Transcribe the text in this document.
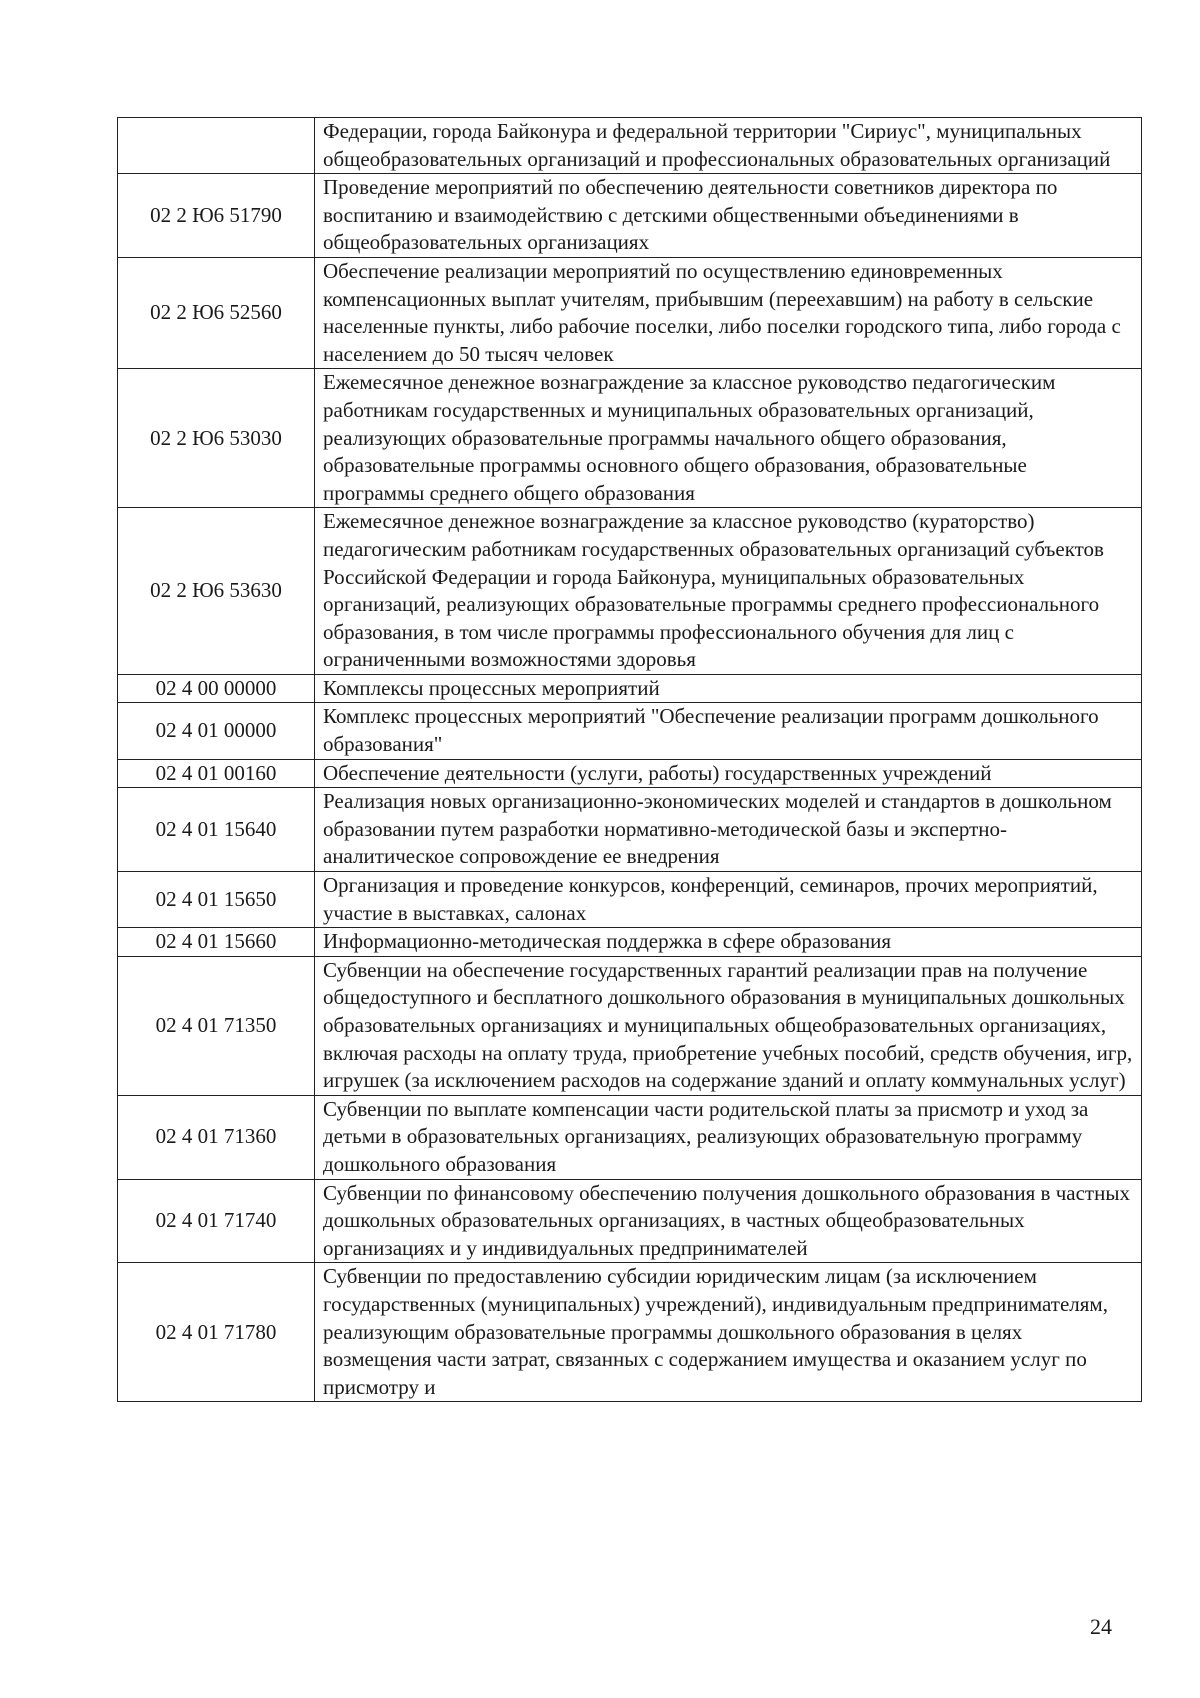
	Федерации, города Байконура и федеральной территории "Сириус", муниципальных общеобразовательных организаций и профессиональных образовательных организаций
02 2 Ю6 51790	Проведение мероприятий по обеспечению деятельности советников директора по воспитанию и взаимодействию с детскими общественными объединениями в общеобразовательных организациях
02 2 Ю6 52560	Обеспечение реализации мероприятий по осуществлению единовременных компенсационных выплат учителям, прибывшим (переехавшим) на работу в сельские населенные пункты, либо рабочие поселки, либо поселки городского типа, либо города с населением до 50 тысяч человек
02 2 Ю6 53030	Ежемесячное денежное вознаграждение за классное руководство педагогическим работникам государственных и муниципальных образовательных организаций, реализующих образовательные программы начального общего образования, образовательные программы основного общего образования, образовательные программы среднего общего образования
02 2 Ю6 53630	Ежемесячное денежное вознаграждение за классное руководство (кураторство) педагогическим работникам государственных образовательных организаций субъектов Российской Федерации и города Байконура, муниципальных образовательных организаций, реализующих образовательные программы среднего профессионального образования, в том числе программы профессионального обучения для лиц с ограниченными возможностями здоровья
02 4 00 00000	Комплексы процессных мероприятий
02 4 01 00000	Комплекс процессных мероприятий "Обеспечение реализации программ дошкольного образования"
02 4 01 00160	Обеспечение деятельности (услуги, работы) государственных учреждений
02 4 01 15640	Реализация новых организационно-экономических моделей и стандартов в дошкольном образовании путем разработки нормативно-методической базы и экспертно-аналитическое сопровождение ее внедрения
02 4 01 15650	Организация и проведение конкурсов, конференций, семинаров, прочих мероприятий, участие в выставках, салонах
02 4 01 15660	Информационно-методическая поддержка в сфере образования
02 4 01 71350	Субвенции на обеспечение государственных гарантий реализации прав на получение общедоступного и бесплатного дошкольного образования в муниципальных дошкольных образовательных организациях и муниципальных общеобразовательных организациях, включая расходы на оплату труда, приобретение учебных пособий, средств обучения, игр, игрушек (за исключением расходов на содержание зданий и оплату коммунальных услуг)
02 4 01 71360	Субвенции по выплате компенсации части родительской платы за присмотр и уход за детьми в образовательных организациях, реализующих образовательную программу дошкольного образования
02 4 01 71740	Субвенции по финансовому обеспечению получения дошкольного образования в частных дошкольных образовательных организациях, в частных общеобразовательных организациях и у индивидуальных предпринимателей
02 4 01 71780	Субвенции по предоставлению субсидии юридическим лицам (за исключением государственных (муниципальных) учреждений), индивидуальным предпринимателям, реализующим образовательные программы дошкольного образования в целях возмещения части затрат, связанных с содержанием имущества и оказанием услуг по присмотру и
24
